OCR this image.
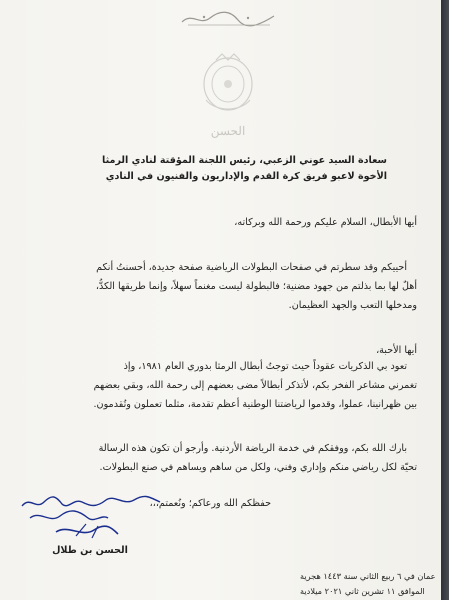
الحسن
سعادة السيد عوني الزعبي، رئيس اللجنة المؤقتة لنادي الرمثا
الأخوة لاعبو فريق كرة القدم والإداريون والفنيون في النادي
أيها الأبطال، السلام عليكم ورحمة الله وبركاته،
أحييكم وقد سطرتم في صفحات البطولات الرياضية صفحة جديدة، أحسنتُ أنكم
أهلٌ لها بما بذلتم من جهود مضنية؛ فالبطولة ليست مغنماً سهلاً، وإنما طريقها الكدُّ،
ومدخلها التعب والجهد العظيمان.
أيها الأحبة،
تعود بي الذكريات عقوداً حيث توجتُ أبطال الرمثا بدوري العام ١٩٨١، وإذ
تغمرني مشاعر الفخر بكم، لأتذكر أبطالاً مضى بعضهم إلى رحمة الله، وبقي بعضهم
بين ظهرانينا، عملوا، وقدموا لرياضتنا الوطنية أعظم تقدمة، مثلما تعملون وتُقدمون.
بارك الله بكم، ووفقكم في خدمة الرياضة الأردنية. وأرجو أن تكون هذه الرسالة
تحيّة لكل رياضي منكم وإداري وفني، ولكل من ساهم ويساهم في صنع البطولات.
حفظكم الله ورعاكم؛ ونُعمتم،،،
الحسن بن طلال
عمان في ٦ ربيع الثاني سنة ١٤٤٣ هجرية
الموافق ١١ تشرين ثاني ٢٠٢١ ميلادية
